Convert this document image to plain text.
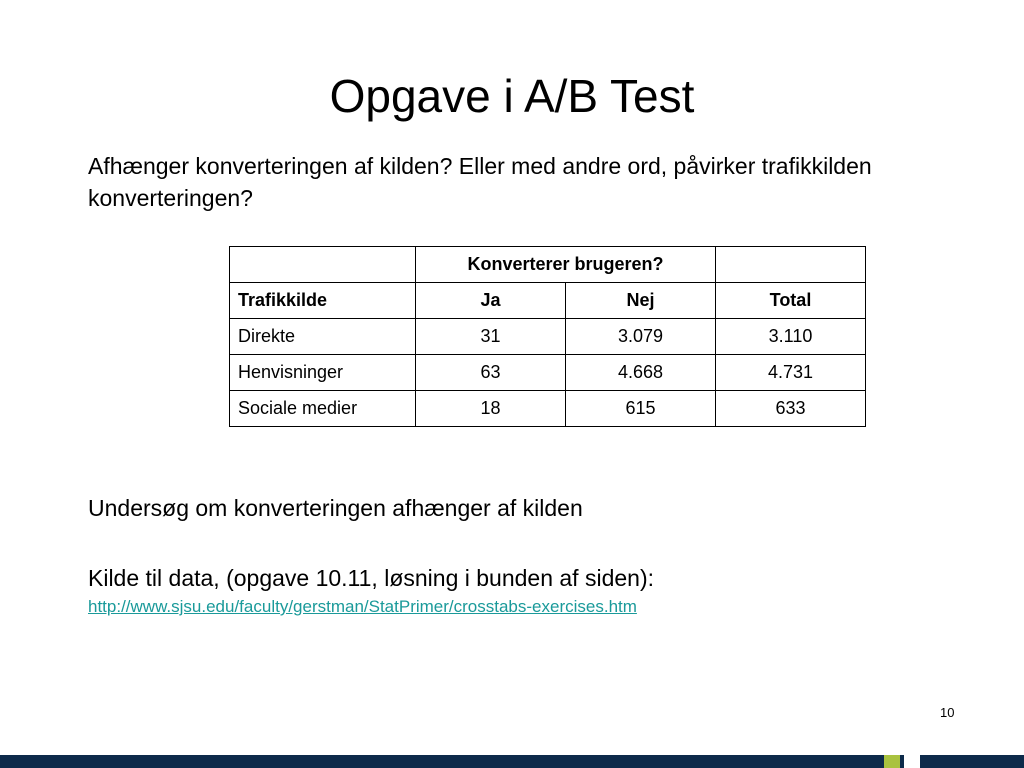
Opgave i A/B Test
Afhænger konverteringen af kilden? Eller med andre ord, påvirker trafikkilden konverteringen?
	Konverterer brugeren?		
Trafikkilde	Ja	Nej	Total
Direkte	31	3.079	3.110
Henvisninger	63	4.668	4.731
Sociale medier	18	615	633
Undersøg om konverteringen afhænger af kilden
Kilde til data, (opgave 10.11, løsning i bunden af siden):
http://www.sjsu.edu/faculty/gerstman/StatPrimer/crosstabs-exercises.htm
10
